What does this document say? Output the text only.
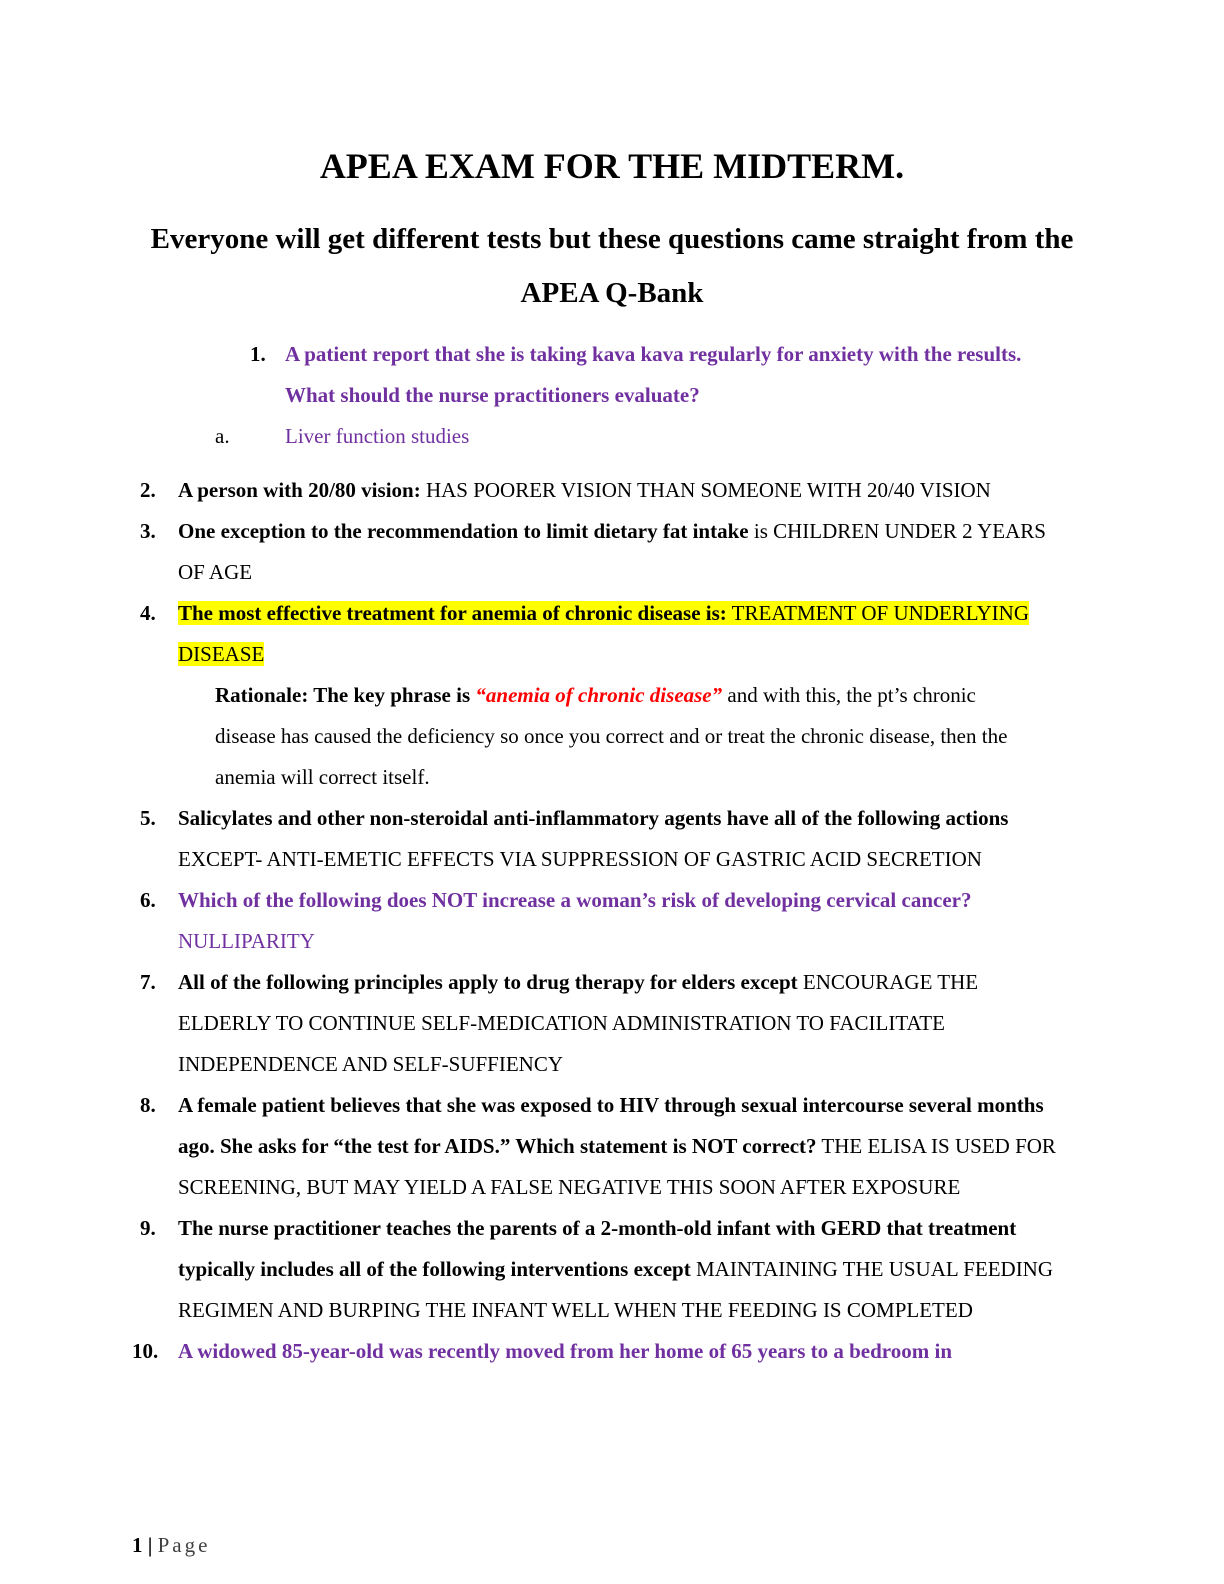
APEA EXAM FOR THE MIDTERM.
Everyone will get different tests but these questions came straight from the APEA Q-Bank
1. A patient report that she is taking kava kava regularly for anxiety with the results. What should the nurse practitioners evaluate?
a.	Liver function studies
2. A person with 20/80 vision: HAS POORER VISION THAN SOMEONE WITH 20/40 VISION
3. One exception to the recommendation to limit dietary fat intake is CHILDREN UNDER 2 YEARS OF AGE
4. The most effective treatment for anemia of chronic disease is: TREATMENT OF UNDERLYING DISEASE
Rationale: The key phrase is “anemia of chronic disease” and with this, the pt’s chronic disease has caused the deficiency so once you correct and or treat the chronic disease, then the anemia will correct itself.
5. Salicylates and other non-steroidal anti-inflammatory agents have all of the following actions EXCEPT- ANTI-EMETIC EFFECTS VIA SUPPRESSION OF GASTRIC ACID SECRETION
6. Which of the following does NOT increase a woman’s risk of developing cervical cancer? NULLIPARITY
7. All of the following principles apply to drug therapy for elders except ENCOURAGE THE ELDERLY TO CONTINUE SELF-MEDICATION ADMINISTRATION TO FACILITATE INDEPENDENCE AND SELF-SUFFIENCY
8. A female patient believes that she was exposed to HIV through sexual intercourse several months ago. She asks for “the test for AIDS.” Which statement is NOT correct? THE ELISA IS USED FOR SCREENING, BUT MAY YIELD A FALSE NEGATIVE THIS SOON AFTER EXPOSURE
9. The nurse practitioner teaches the parents of a 2-month-old infant with GERD that treatment typically includes all of the following interventions except MAINTAINING THE USUAL FEEDING REGIMEN AND BURPING THE INFANT WELL WHEN THE FEEDING IS COMPLETED
10. A widowed 85-year-old was recently moved from her home of 65 years to a bedroom in
1 | Page
